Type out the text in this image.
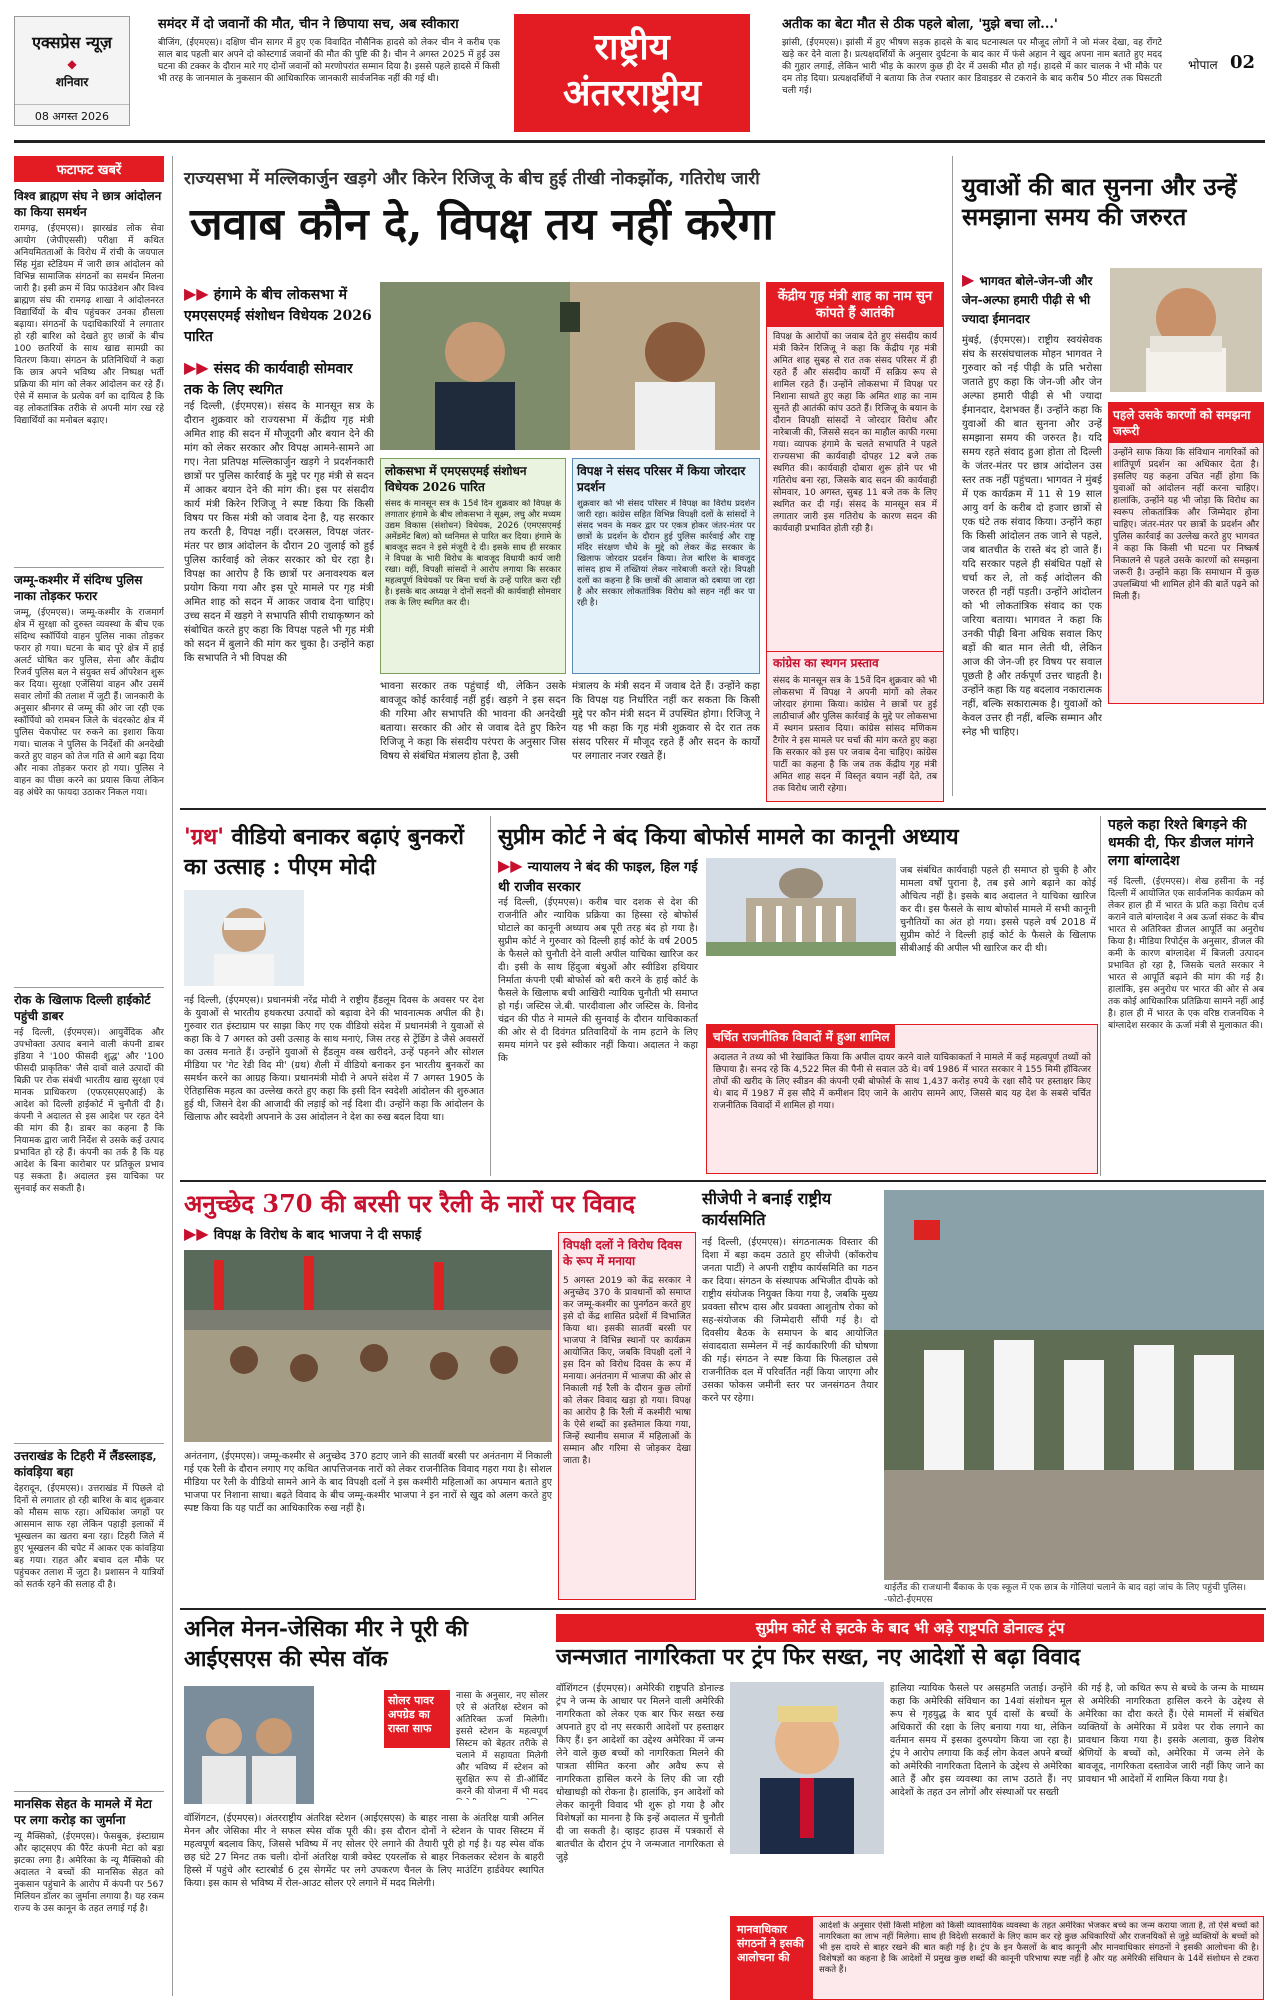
एक्सप्रेस न्यूज़
◆
शनिवार
08 अगस्त 2026
समंदर में दो जवानों की मौत, चीन ने छिपाया सच, अब स्वीकारा
बीजिंग, (ईएमएस)। दक्षिण चीन सागर में हुए एक विवादित नौसैनिक हादसे को लेकर चीन ने करीब एक साल बाद पहली बार अपने दो कोस्टगार्ड जवानों की मौत की पुष्टि की है। चीन ने अगस्त 2025 में हुई उस घटना की टक्कर के दौरान मारे गए दोनों जवानों को मरणोपरांत सम्मान दिया है। इससे पहले हादसे में किसी भी तरह के जानमाल के नुकसान की आधिकारिक जानकारी सार्वजनिक नहीं की गई थी।
राष्ट्रीय
अंतरराष्ट्रीय
अतीक का बेटा मौत से ठीक पहले बोला, 'मुझे बचा लो...'
झांसी, (ईएमएस)। झांसी में हुए भीषण सड़क हादसे के बाद घटनास्थल पर मौजूद लोगों ने जो मंजर देखा, वह रोंगटे खड़े कर देने वाला है। प्रत्यक्षदर्शियों के अनुसार दुर्घटना के बाद कार में फंसे अहान ने खुद अपना नाम बताते हुए मदद की गुहार लगाई, लेकिन भारी भीड़ के कारण कुछ ही देर में उसकी मौत हो गई। हादसे में कार चालक ने भी मौके पर दम तोड़ दिया। प्रत्यक्षदर्शियों ने बताया कि तेज रफ्तार कार डिवाइडर से टकराने के बाद करीब 50 मीटर तक घिसटती चली गई।
भोपाल 02
फटाफट खबरें
विश्व ब्राह्मण संघ ने छात्र आंदोलन का किया समर्थन
रामगढ़, (ईएमएस)। झारखंड लोक सेवा आयोग (जेपीएससी) परीक्षा में कथित अनियमितताओं के विरोध में रांची के जयपाल सिंह मुंडा स्टेडियम में जारी छात्र आंदोलन को विभिन्न सामाजिक संगठनों का समर्थन मिलना जारी है। इसी क्रम में विप्र फाउंडेशन और विश्व ब्राह्मण संघ की रामगढ़ शाखा ने आंदोलनरत विद्यार्थियों के बीच पहुंचकर उनका हौसला बढ़ाया। संगठनों के पदाधिकारियों ने लगातार हो रही बारिश को देखते हुए छात्रों के बीच 100 छतरियों के साथ खाद्य सामग्री का वितरण किया। संगठन के प्रतिनिधियों ने कहा कि छात्र अपने भविष्य और निष्पक्ष भर्ती प्रक्रिया की मांग को लेकर आंदोलन कर रहे हैं। ऐसे में समाज के प्रत्येक वर्ग का दायित्व है कि वह लोकतांत्रिक तरीके से अपनी मांग रख रहे विद्यार्थियों का मनोबल बढ़ाए।
जम्मू-कश्मीर में संदिग्ध पुलिस नाका तोड़कर फरार
जम्मू, (ईएमएस)। जम्मू-कश्मीर के राजमार्ग क्षेत्र में सुरक्षा को दुरुस्त व्यवस्था के बीच एक संदिग्ध स्कॉर्पियो वाहन पुलिस नाका तोड़कर फरार हो गया। घटना के बाद पूरे क्षेत्र में हाई अलर्ट घोषित कर पुलिस, सेना और केंद्रीय रिजर्व पुलिस बल ने संयुक्त सर्च ऑपरेशन शुरू कर दिया। सुरक्षा एजेंसियां वाहन और उसमें सवार लोगों की तलाश में जुटी हैं। जानकारी के अनुसार श्रीनगर से जम्मू की ओर जा रही एक स्कॉर्पियो को रामबन जिले के चंदरकोट क्षेत्र में पुलिस चेकपोस्ट पर रुकने का इशारा किया गया। चालक ने पुलिस के निर्देशों की अनदेखी करते हुए वाहन को तेज गति से आगे बढ़ा दिया और नाका तोड़कर फरार हो गया। पुलिस ने वाहन का पीछा करने का प्रयास किया लेकिन वह अंधेरे का फायदा उठाकर निकल गया।
रोक के खिलाफ दिल्ली हाईकोर्ट पहुंची डाबर
नई दिल्ली, (ईएमएस)। आयुर्वेदिक और उपभोक्ता उत्पाद बनाने वाली कंपनी डाबर इंडिया ने '100 फीसदी शुद्ध' और '100 फीसदी प्राकृतिक' जैसे दावों वाले उत्पादों की बिक्री पर रोक संबंधी भारतीय खाद्य सुरक्षा एवं मानक प्राधिकरण (एफएसएसएआई) के आदेश को दिल्ली हाईकोर्ट में चुनौती दी है। कंपनी ने अदालत से इस आदेश पर रहत देने की मांग की है। डाबर का कहना है कि नियामक द्वारा जारी निर्देश से उसके कई उत्पाद प्रभावित हो रहे हैं। कंपनी का तर्क है कि यह आदेश के बिना कारोबार पर प्रतिकूल प्रभाव पड़ सकता है। अदालत इस याचिका पर सुनवाई कर सकती है।
उत्तराखंड के टिहरी में लैंडस्लाइड, कांवड़िया बहा
देहरादून, (ईएमएस)। उत्तराखंड में पिछले दो दिनों से लगातार हो रही बारिश के बाद शुक्रवार को मौसम साफ रहा। अधिकांश जगहों पर आसमान साफ रहा लेकिन पहाड़ी इलाकों में भूस्खलन का खतरा बना रहा। टिहरी जिले में हुए भूस्खलन की चपेट में आकर एक कांवड़िया बह गया। राहत और बचाव दल मौके पर पहुंचकर तलाश में जुटा है। प्रशासन ने यात्रियों को सतर्क रहने की सलाह दी है।
मानसिक सेहत के मामले में मेटा पर लगा करोड़ का जुर्माना
न्यू मैक्सिको, (ईएमएस)। फेसबुक, इंस्टाग्राम और व्हाट्सएप की पैरेंट कंपनी मेटा को बड़ा झटका लगा है। अमेरिका के न्यू मैक्सिको की अदालत ने बच्चों की मानसिक सेहत को नुकसान पहुंचाने के आरोप में कंपनी पर 567 मिलियन डॉलर का जुर्माना लगाया है। यह रकम राज्य के उस कानून के तहत लगाई गई है।
राज्यसभा में मल्लिकार्जुन खड़गे और किरेन रिजिजू के बीच हुई तीखी नोकझोंक, गतिरोध जारी
जवाब कौन दे, विपक्ष तय नहीं करेगा
▶▶ हंगामे के बीच लोकसभा में एमएसएमई संशोधन विधेयक 2026 पारित
▶▶ संसद की कार्यवाही सोमवार तक के लिए स्थगित
केंद्रीय गृह मंत्री शाह का नाम सुन कांपते हैं आतंकी
विपक्ष के आरोपों का जवाब देते हुए संसदीय कार्य मंत्री किरेन रिजिजू ने कहा कि केंद्रीय गृह मंत्री अमित शाह सुबह से रात तक संसद परिसर में ही रहते हैं और संसदीय कार्यों में सक्रिय रूप से शामिल रहते हैं। उन्होंने लोकसभा में विपक्ष पर निशाना साधते हुए कहा कि अमित शाह का नाम सुनते ही आतंकी कांप उठते हैं। रिजिजू के बयान के दौरान विपक्षी सांसदों ने जोरदार विरोध और नारेबाजी की, जिससे सदन का माहौल काफी गरमा गया। व्यापक हंगामे के चलते सभापति ने पहले राज्यसभा की कार्यवाही दोपहर 12 बजे तक स्थगित की। कार्यवाही दोबारा शुरू होने पर भी गतिरोध बना रहा, जिसके बाद सदन की कार्यवाही सोमवार, 10 अगस्त, सुबह 11 बजे तक के लिए स्थगित कर दी गई। संसद के मानसून सत्र में लगातार जारी इस गतिरोध के कारण सदन की कार्यवाही प्रभावित होती रही है।
कांग्रेस का स्थगन प्रस्ताव
संसद के मानसून सत्र के 15वें दिन शुक्रवार को भी लोकसभा में विपक्ष ने अपनी मांगों को लेकर जोरदार हंगामा किया। कांग्रेस ने छात्रों पर हुई लाठीचार्ज और पुलिस कार्रवाई के मुद्दे पर लोकसभा में स्थगन प्रस्ताव दिया। कांग्रेस सांसद मणिकम टैगोर ने इस मामले पर चर्चा की मांग करते हुए कहा कि सरकार को इस पर जवाब देना चाहिए। कांग्रेस पार्टी का कहना है कि जब तक केंद्रीय गृह मंत्री अमित शाह सदन में विस्तृत बयान नहीं देते, तब तक विरोध जारी रहेगा।
नई दिल्ली, (ईएमएस)। संसद के मानसून सत्र के दौरान शुक्रवार को राज्यसभा में केंद्रीय गृह मंत्री अमित शाह की सदन में मौजूदगी और बयान देने की मांग को लेकर सरकार और विपक्ष आमने-सामने आ गए। नेता प्रतिपक्ष मल्लिकार्जुन खड़गे ने प्रदर्शनकारी छात्रों पर पुलिस कार्रवाई के मुद्दे पर गृह मंत्री से सदन में आकर बयान देने की मांग की। इस पर संसदीय कार्य मंत्री किरेन रिजिजू ने स्पष्ट किया कि किसी विषय पर किस मंत्री को जवाब देना है, यह सरकार तय करती है, विपक्ष नहीं। दरअसल, विपक्ष जंतर-मंतर पर छात्र आंदोलन के दौरान 20 जुलाई को हुई पुलिस कार्रवाई को लेकर सरकार को घेर रहा है। विपक्ष का आरोप है कि छात्रों पर अनावश्यक बल प्रयोग किया गया और इस पूरे मामले पर गृह मंत्री अमित शाह को सदन में आकर जवाब देना चाहिए। उच्च सदन में खड़गे ने सभापति सीपी राधाकृष्णन को संबोधित करते हुए कहा कि विपक्ष पहले भी गृह मंत्री को सदन में बुलाने की मांग कर चुका है। उन्होंने कहा कि सभापति ने भी विपक्ष की
लोकसभा में एमएसएमई संशोधन विधेयक 2026 पारित
संसद के मानसून सत्र के 15वें दिन शुक्रवार को विपक्ष के लगातार हंगामे के बीच लोकसभा ने सूक्ष्म, लघु और मध्यम उद्यम विकास (संशोधन) विधेयक, 2026 (एमएसएमई अमेंडमेंट बिल) को ध्वनिमत से पारित कर दिया। हंगामे के बावजूद सदन ने इसे मंजूरी दे दी। इसके साथ ही सरकार ने विपक्ष के भारी विरोध के बावजूद विधायी कार्य जारी रखा। वहीं, विपक्षी सांसदों ने आरोप लगाया कि सरकार महत्वपूर्ण विधेयकों पर बिना चर्चा के उन्हें पारित करा रही है। इसके बाद अध्यक्ष ने दोनों सदनों की कार्यवाही सोमवार तक के लिए स्थगित कर दी।
विपक्ष ने संसद परिसर में किया जोरदार प्रदर्शन
शुक्रवार को भी संसद परिसर में विपक्ष का विरोध प्रदर्शन जारी रहा। कांग्रेस सहित विभिन्न विपक्षी दलों के सांसदों ने संसद भवन के मकर द्वार पर एकत्र होकर जंतर-मंतर पर छात्रों के प्रदर्शन के दौरान हुई पुलिस कार्रवाई और राष्ट्र मंदिर संरक्षण चौथे के मुद्दे को लेकर केंद्र सरकार के खिलाफ जोरदार प्रदर्शन किया। तेज बारिश के बावजूद सांसद हाथ में तख्तियां लेकर नारेबाजी करते रहे। विपक्षी दलों का कहना है कि छात्रों की आवाज को दबाया जा रहा है और सरकार लोकतांत्रिक विरोध को सहन नहीं कर पा रही है।
भावना सरकार तक पहुंचाई थी, लेकिन उसके बावजूद कोई कार्रवाई नहीं हुई। खड़गे ने इस सदन की गरिमा और सभापति की भावना की अनदेखी बताया। सरकार की ओर से जवाब देते हुए किरेन रिजिजू ने कहा कि संसदीय परंपरा के अनुसार जिस विषय से संबंधित मंत्रालय होता है, उसी
मंत्रालय के मंत्री सदन में जवाब देते हैं। उन्होंने कहा कि विपक्ष यह निर्धारित नहीं कर सकता कि किसी मुद्दे पर कौन मंत्री सदन में उपस्थित होगा। रिजिजू ने यह भी कहा कि गृह मंत्री शुक्रवार से देर रात तक संसद परिसर में मौजूद रहते हैं और सदन के कार्यों पर लगातार नजर रखते हैं।
युवाओं की बात सुनना और उन्हें समझाना समय की जरुरत
▶ भागवत बोले-जेन-जी और जेन-अल्फा हमारी पीढ़ी से भी ज्यादा ईमानदार
मुंबई, (ईएमएस)। राष्ट्रीय स्वयंसेवक संघ के सरसंघचालक मोहन भागवत ने गुरुवार को नई पीढ़ी के प्रति भरोसा जताते हुए कहा कि जेन-जी और जेन अल्फा हमारी पीढ़ी से भी ज्यादा ईमानदार, देशभक्त हैं। उन्होंने कहा कि युवाओं की बात सुनना और उन्हें समझाना समय की जरुरत है। यदि समय रहते संवाद हुआ होता तो दिल्ली के जंतर-मंतर पर छात्र आंदोलन उस स्तर तक नहीं पहुंचता। भागवत ने मुंबई में एक कार्यक्रम में 11 से 19 साल आयु वर्ग के करीब दो हजार छात्रों से एक घंटे तक संवाद किया। उन्होंने कहा कि किसी आंदोलन तक जाने से पहले, जब बातचीत के रास्ते बंद हो जाते हैं। यदि सरकार पहले ही संबंधित पक्षों से चर्चा कर ले, तो कई आंदोलन की जरुरत ही नहीं पड़ती। उन्होंने आंदोलन को भी लोकतांत्रिक संवाद का एक जरिया बताया। भागवत ने कहा कि उनकी पीढ़ी बिना अधिक सवाल किए बड़ों की बात मान लेती थी, लेकिन आज की जेन-जी हर विषय पर सवाल पूछती है और तर्कपूर्ण उत्तर चाहती है। उन्होंने कहा कि यह बदलाव नकारात्मक नहीं, बल्कि सकारात्मक है। युवाओं को केवल उत्तर ही नहीं, बल्कि सम्मान और स्नेह भी चाहिए।
पहले उसके कारणों को समझना जरूरी
उन्होंने साफ किया कि संविधान नागरिकों को शांतिपूर्ण प्रदर्शन का अधिकार देता है। इसलिए यह कहना उचित नहीं होगा कि युवाओं को आंदोलन नहीं करना चाहिए। हालांकि, उन्होंने यह भी जोड़ा कि विरोध का स्वरूप लोकतांत्रिक और जिम्मेदार होना चाहिए। जंतर-मंतर पर छात्रों के प्रदर्शन और पुलिस कार्रवाई का उल्लेख करते हुए भागवत ने कहा कि किसी भी घटना पर निष्कर्ष निकालने से पहले उसके कारणों को समझना जरूरी है। उन्होंने कहा कि समाधान में कुछ उपलब्धियां भी शामिल होने की बातें पढ़ने को मिली हैं।
पहले कहा रिश्ते बिगड़ने की धमकी दी, फिर डीजल मांगने लगा बांग्लादेश
नई दिल्ली, (ईएमएस)। शेख हसीना के नई दिल्ली में आयोजित एक सार्वजनिक कार्यक्रम को लेकर हाल ही में भारत के प्रति कड़ा विरोध दर्ज कराने वाले बांग्लादेश ने अब ऊर्जा संकट के बीच भारत से अतिरिक्त डीजल आपूर्ति का अनुरोध किया है। मीडिया रिपोर्ट्स के अनुसार, डीजल की कमी के कारण बांग्लादेश में बिजली उत्पादन प्रभावित हो रहा है, जिसके चलते सरकार ने भारत से आपूर्ति बढ़ाने की मांग की गई है। हालांकि, इस अनुरोध पर भारत की ओर से अब तक कोई आधिकारिक प्रतिक्रिया सामने नहीं आई है। हाल ही में भारत के एक वरिष्ठ राजनयिक ने बांग्लादेश सरकार के ऊर्जा मंत्री से मुलाकात की।
'ग्रथ' वीडियो बनाकर बढ़ाएं बुनकरों का उत्साह : पीएम मोदी
नई दिल्ली, (ईएमएस)। प्रधानमंत्री नरेंद्र मोदी ने राष्ट्रीय हैंडलूम दिवस के अवसर पर देश के युवाओं से भारतीय हथकरघा उत्पादों को बढ़ावा देने की भावनात्मक अपील की है। गुरुवार रात इंस्टाग्राम पर साझा किए गए एक वीडियो संदेश में प्रधानमंत्री ने युवाओं से कहा कि वे 7 अगस्त को उसी उत्साह के साथ मनाएं, जिस तरह से ट्रेंडिंग डे जैसे अवसरों का उत्सव मनाते हैं। उन्होंने युवाओं से हैंडलूम वस्त्र खरीदने, उन्हें पहनने और सोशल मीडिया पर 'गेट रेडी विद मी' (ग्रथ) शैली में वीडियो बनाकर इन भारतीय बुनकरों का समर्थन करने का आग्रह किया। प्रधानमंत्री मोदी ने अपने संदेश में 7 अगस्त 1905 के ऐतिहासिक महत्व का उल्लेख करते हुए कहा कि इसी दिन स्वदेशी आंदोलन की शुरुआत हुई थी, जिसने देश की आजादी की लड़ाई को नई दिशा दी। उन्होंने कहा कि आंदोलन के खिलाफ और स्वदेशी अपनाने के उस आंदोलन ने देश का रुख बदल दिया था।
सुप्रीम कोर्ट ने बंद किया बोफोर्स मामले का कानूनी अध्याय
▶▶ न्यायालय ने बंद की फाइल, हिल गई थी राजीव सरकार
नई दिल्ली, (ईएमएस)। करीब चार दशक से देश की राजनीति और न्यायिक प्रक्रिया का हिस्सा रहे बोफोर्स घोटाले का कानूनी अध्याय अब पूरी तरह बंद हो गया है। सुप्रीम कोर्ट ने गुरुवार को दिल्ली हाई कोर्ट के वर्ष 2005 के फैसले को चुनौती देने वाली अपील याचिका खारिज कर दी। इसी के साथ हिंदुजा बंधुओं और स्वीडिश हथियार निर्माता कंपनी एबी बोफोर्स को बरी करने के हाई कोर्ट के फैसले के खिलाफ बची आखिरी न्यायिक चुनौती भी समाप्त हो गई। जस्टिस जे.बी. पारदीवाला और जस्टिस के. विनोद चंद्रन की पीठ ने मामले की सुनवाई के दौरान याचिकाकर्ता की ओर से दी दिवंगत प्रतिवादियों के नाम हटाने के लिए समय मांगने पर इसे स्वीकार नहीं किया। अदालत ने कहा कि
जब संबंधित कार्यवाही पहले ही समाप्त हो चुकी है और मामला वर्षों पुराना है, तब इसे आगे बढ़ाने का कोई औचित्य नहीं है। इसके बाद अदालत ने याचिका खारिज कर दी। इस फैसले के साथ बोफोर्स मामले में सभी कानूनी चुनौतियों का अंत हो गया। इससे पहले वर्ष 2018 में सुप्रीम कोर्ट ने दिल्ली हाई कोर्ट के फैसले के खिलाफ सीबीआई की अपील भी खारिज कर दी थी।
चर्चित राजनीतिक विवादों में हुआ शामिल
अदालत ने तथ्य को भी रेखांकित किया कि अपील दायर करने वाले याचिकाकर्ता ने मामले में कई महत्वपूर्ण तथ्यों को छिपाया है। सनद रहे कि 4,522 मिल की पैनी से सवाल उठे थे। वर्ष 1986 में भारत सरकार ने 155 मिमी हॉवित्जर तोपों की खरीद के लिए स्वीडन की कंपनी एबी बोफोर्स के साथ 1,437 करोड़ रुपये के रक्षा सौदे पर हस्ताक्षर किए थे। बाद में 1987 में इस सौदे में कमीशन दिए जाने के आरोप सामने आए, जिससे बाद यह देश के सबसे चर्चित राजनीतिक विवादों में शामिल हो गया।
अनुच्छेद 370 की बरसी पर रैली के नारों पर विवाद
▶▶ विपक्ष के विरोध के बाद भाजपा ने दी सफाई
विपक्षी दलों ने विरोध दिवस के रूप में मनाया
5 अगस्त 2019 को केंद्र सरकार ने अनुच्छेद 370 के प्रावधानों को समाप्त कर जम्मू-कश्मीर का पुनर्गठन करते हुए इसे दो केंद्र शासित प्रदेशों में विभाजित किया था। इसकी सातवीं बरसी पर भाजपा ने विभिन्न स्थानों पर कार्यक्रम आयोजित किए, जबकि विपक्षी दलों ने इस दिन को विरोध दिवस के रूप में मनाया। अनंतनाग में भाजपा की ओर से निकाली गई रैली के दौरान कुछ लोगों को लेकर विवाद खड़ा हो गया। विपक्ष का आरोप है कि रैली में कश्मीरी भाषा के ऐसे शब्दों का इस्तेमाल किया गया, जिन्हें स्थानीय समाज में महिलाओं के सम्मान और गरिमा से जोड़कर देखा जाता है।
अनंतनाग, (ईएमएस)। जम्मू-कश्मीर से अनुच्छेद 370 हटाए जाने की सातवीं बरसी पर अनंतनाग में निकाली गई एक रैली के दौरान लगाए गए कथित आपत्तिजनक नारों को लेकर राजनीतिक विवाद गहरा गया है। सोशल मीडिया पर रैली के वीडियो सामने आने के बाद विपक्षी दलों ने इस कश्मीरी महिलाओं का अपमान बताते हुए भाजपा पर निशाना साधा। बढ़ते विवाद के बीच जम्मू-कश्मीर भाजपा ने इन नारों से खुद को अलग करते हुए स्पष्ट किया कि यह पार्टी का आधिकारिक रुख नहीं है।
सीजेपी ने बनाई राष्ट्रीय कार्यसमिति
नई दिल्ली, (ईएमएस)। संगठनात्मक विस्तार की दिशा में बड़ा कदम उठाते हुए सीजेपी (कॉकरोच जनता पार्टी) ने अपनी राष्ट्रीय कार्यसमिति का गठन कर दिया। संगठन के संस्थापक अभिजीत दीपके को राष्ट्रीय संयोजक नियुक्त किया गया है, जबकि मुख्य प्रवक्ता सौरभ दास और प्रवक्ता आशुतोष रोका को सह-संयोजक की जिम्मेदारी सौंपी गई है। दो दिवसीय बैठक के समापन के बाद आयोजित संवाददाता सम्मेलन में नई कार्यकारिणी की घोषणा की गई। संगठन ने स्पष्ट किया कि फिलहाल उसे राजनीतिक दल में परिवर्तित नहीं किया जाएगा और उसका फोकस जमीनी स्तर पर जनसंगठन तैयार करने पर रहेगा।
थाईलैंड की राजधानी बैंकाक के एक स्कूल में एक छात्र के गोलियां चलाने के बाद वहां जांच के लिए पहुंची पुलिस। -फोटो-ईएमएस
अनिल मेनन-जेसिका मीर ने पूरी की आईएसएस की स्पेस वॉक
वॉशिंगटन, (ईएमएस)। अंतरराष्ट्रीय अंतरिक्ष स्टेशन (आईएसएस) के बाहर नासा के अंतरिक्ष यात्री अनिल मेनन और जेसिका मीर ने सफल स्पेस वॉक पूरी की। इस दौरान दोनों ने स्टेशन के पावर सिस्टम में महत्वपूर्ण बदलाव किए, जिससे भविष्य में नए सोलर ऐरे लगाने की तैयारी पूरी हो गई है। यह स्पेस वॉक छह घंटे 27 मिनट तक चली। दोनों अंतरिक्ष यात्री क्वेस्ट एयरलॉक से बाहर निकलकर स्टेशन के बाहरी हिस्से में पहुंचे और स्टारबोर्ड 6 ट्रस सेगमेंट पर लगे उपकरण चैनल के लिए माउंटिंग हार्डवेयर स्थापित किया। इस काम से भविष्य में रोल-आउट सोलर एरे लगाने में मदद मिलेगी।
सोलर पावर अपग्रेड का रास्ता साफ
नासा के अनुसार, नए सोलर एरे से अंतरिक्ष स्टेशन को अतिरिक्त ऊर्जा मिलेगी। इससे स्टेशन के महत्वपूर्ण सिस्टम को बेहतर तरीके से चलाने में सहायता मिलेगी और भविष्य में स्टेशन को सुरक्षित रूप से डी-ऑर्बिट करने की योजना में भी मदद
सुप्रीम कोर्ट से झटके के बाद भी अड़े राष्ट्रपति डोनाल्ड ट्रंप
जन्मजात नागरिकता पर ट्रंप फिर सख्त, नए आदेशों से बढ़ा विवाद
वॉशिंगटन (ईएमएस)। अमेरिकी राष्ट्रपति डोनाल्ड ट्रंप ने जन्म के आधार पर मिलने वाली अमेरिकी नागरिकता को लेकर एक बार फिर सख्त रुख अपनाते हुए दो नए सरकारी आदेशों पर हस्ताक्षर किए हैं। इन आदेशों का उद्देश्य अमेरिका में जन्म लेने वाले कुछ बच्चों को नागरिकता मिलने की पात्रता सीमित करना और अवैध रूप से नागरिकता हासिल करने के लिए की जा रही धोखाधड़ी को रोकना है। हालांकि, इन आदेशों को लेकर कानूनी विवाद भी शुरू हो गया है और विशेषज्ञों का मानना है कि इन्हें अदालत में चुनौती दी जा सकती है। व्हाइट हाउस में पत्रकारों से बातचीत के दौरान ट्रंप ने जन्मजात नागरिकता से जुड़े
हालिया न्यायिक फैसले पर असहमति जताई। उन्होंने कहा कि अमेरिकी संविधान का 14वां संशोधन मूल रूप से गृहयुद्ध के बाद पूर्व दासों के बच्चों के अधिकारों की रक्षा के लिए बनाया गया था, लेकिन वर्तमान समय में इसका दुरुपयोग किया जा रहा है। ट्रंप ने आरोप लगाया कि कई लोग केवल अपने बच्चों को अमेरिकी नागरिकता दिलाने के उद्देश्य से अमेरिका आते हैं और इस व्यवस्था का लाभ उठाते हैं। नए आदेशों के तहत उन लोगों और संस्थाओं पर सख्ती
की गई है, जो कथित रूप से बच्चे के जन्म के माध्यम से अमेरिकी नागरिकता हासिल करने के उद्देश्य से अमेरिका का दौरा करते हैं। ऐसे मामलों में संबंधित व्यक्तियों के अमेरिका में प्रवेश पर रोक लगाने का प्रावधान किया गया है। इसके अलावा, कुछ विशेष श्रेणियों के बच्चों को, अमेरिका में जन्म लेने के बावजूद, नागरिकता दस्तावेज जारी नहीं किए जाने का प्रावधान भी आदेशों में शामिल किया गया है।
मानवाधिकार संगठनों ने इसकी आलोचना की
आदेशों के अनुसार ऐसी किसी महिला को किसी व्यावसायिक व्यवस्था के तहत अमेरिका भेजकर बच्चे का जन्म कराया जाता है, तो ऐसे बच्चों को नागरिकता का लाभ नहीं मिलेगा। साथ ही विदेशी सरकारों के लिए काम कर रहे कुछ अधिकारियों और राजनयिकों से जुड़े व्यक्तियों के बच्चों को भी इस दायरे से बाहर रखने की बात कही गई है। ट्रंप के इन फैसलों के बाद कानूनी और मानवाधिकार संगठनों ने इसकी आलोचना की है। विशेषज्ञों का कहना है कि आदेशों में प्रमुख कुछ शब्दों की कानूनी परिभाषा स्पष्ट नहीं है और यह अमेरिकी संविधान के 14वें संशोधन से टकरा सकते हैं।
